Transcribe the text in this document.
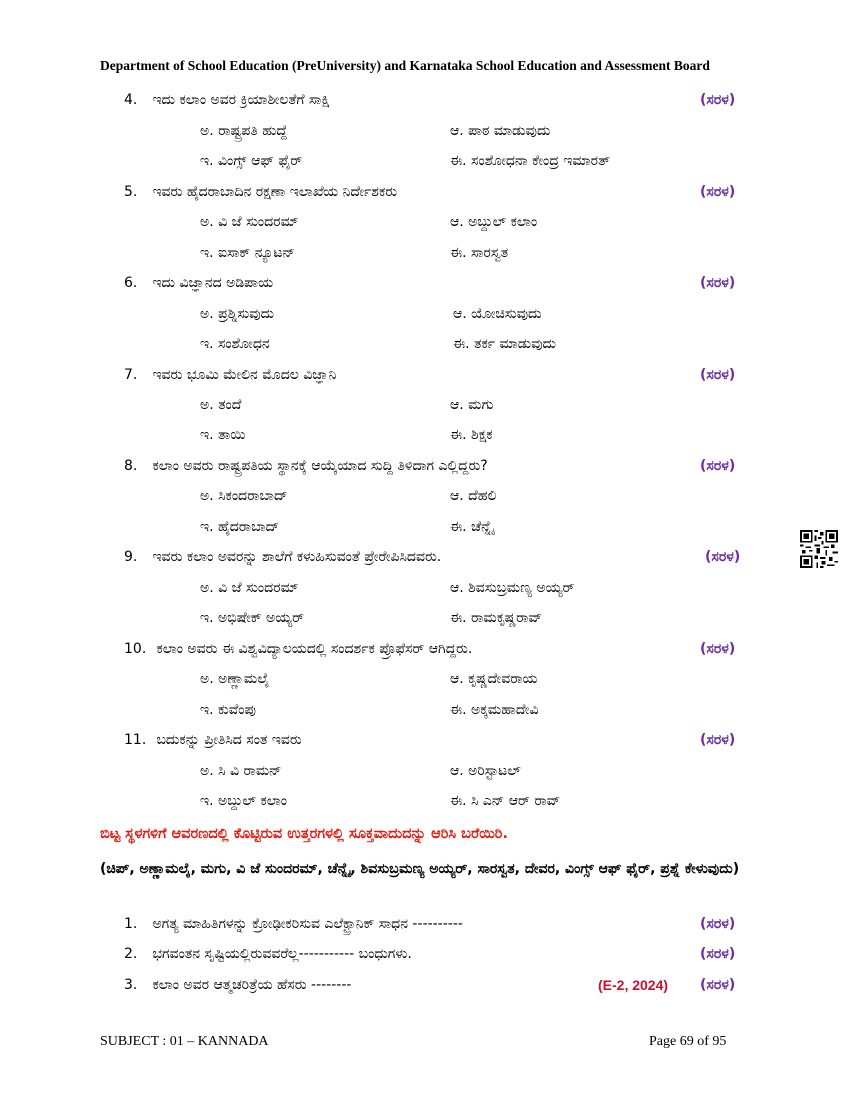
Department of School Education (PreUniversity) and Karnataka School Education and Assessment Board
4. ಇದು ಕಲಾಂ ಅವರ ಕ್ರಿಯಾಶೀಲತೆಗೆ ಸಾಕ್ಷಿ	(ಸರಳ)
ಅ. ರಾಷ್ಟ್ರಪತಿ ಹುದ್ದೆ	ಆ. ಪಾಠ ಮಾಡುವುದು
ಇ. ವಿಂಗ್ಸ್ ಆಫ್ ಫೈರ್	ಈ. ಸಂಶೋಧನಾ ಕೇಂದ್ರ ಇಮಾರತ್
5. ಇವರು ಹೈದರಾಬಾದಿನ ರಕ್ಷಣಾ ಇಲಾಖೆಯ ನಿರ್ದೇಶಕರು	(ಸರಳ)
ಅ. ವಿ ಜೆ ಸುಂದರಮ್	ಆ. ಅಬ್ದುಲ್ ಕಲಾಂ
ಇ. ಐಸಾಕ್ ನ್ಯೂಟನ್	ಈ. ಸಾರಸ್ವತ
6. ಇದು ವಿಜ್ಞಾನದ ಅಡಿಪಾಯ	(ಸರಳ)
ಅ. ಪ್ರಶ್ನಿಸುವುದು	ಆ. ಯೋಚಿಸುವುದು
ಇ. ಸಂಶೋಧನ	ಈ. ತರ್ಕ ಮಾಡುವುದು
7. ಇವರು ಭೂಮಿ ಮೇಲಿನ ಮೊದಲ ವಿಜ್ಞಾನಿ	(ಸರಳ)
ಅ. ತಂದೆ	ಆ. ಮಗು
ಇ. ತಾಯಿ	ಈ. ಶಿಕ್ಷಕ
8. ಕಲಾಂ ಅವರು ರಾಷ್ಟ್ರಪತಿಯ ಸ್ಥಾನಕ್ಕೆ ಆಯ್ಕೆಯಾದ ಸುದ್ದಿ ತಿಳಿದಾಗ ಎಲ್ಲಿದ್ದರು?	(ಸರಳ)
ಅ. ಸಿಕಂದರಾಬಾದ್	ಆ. ದೆಹಲಿ
ಇ. ಹೈದರಾಬಾದ್	ಈ. ಚೆನ್ನೈ
9. ಇವರು ಕಲಾಂ ಅವರನ್ನು ಶಾಲೆಗೆ ಕಳುಹಿಸುವಂತೆ ಪ್ರೇರೇಪಿಸಿದವರು.	(ಸರಳ)
ಅ. ವಿ ಜೆ ಸುಂದರಮ್	ಆ. ಶಿವಸುಬ್ರಮಣ್ಯ ಅಯ್ಯರ್
ಇ. ಅಭಿಷೇಕ್ ಅಯ್ಯರ್	ಈ. ರಾಮಕೃಷ್ಣರಾವ್
10. ಕಲಾಂ ಅವರು ಈ ವಿಶ್ವವಿದ್ಯಾಲಯದಲ್ಲಿ ಸಂದರ್ಶಕ ಪ್ರೊಫೆಸರ್ ಆಗಿದ್ದರು.	(ಸರಳ)
ಅ. ಅಣ್ಣಾಮಲೈ	ಆ. ಕೃಷ್ಣದೇವರಾಯ
ಇ. ಕುವೆಂಪು	ಈ. ಅಕ್ಕಮಹಾದೇವಿ
11. ಬದುಕನ್ನು ಪ್ರೀತಿಸಿದ ಸಂತ ಇವರು	(ಸರಳ)
ಅ. ಸಿ ವಿ ರಾಮನ್	ಆ. ಅರಿಸ್ಟಾಟಲ್
ಇ. ಅಬ್ದುಲ್ ಕಲಾಂ	ಈ. ಸಿ ಎನ್ ಆರ್ ರಾವ್
ಬಿಟ್ಟ ಸ್ಥಳಗಳಿಗೆ ಆವರಣದಲ್ಲಿ ಕೊಟ್ಟಿರುವ ಉತ್ತರಗಳಲ್ಲಿ ಸೂಕ್ತವಾದುದನ್ನು ಆರಿಸಿ ಬರೆಯಿರಿ.
(ಚಿಪ್, ಅಣ್ಣಾಮಲೈ, ಮಗು, ವಿ ಜೆ ಸುಂದರಮ್, ಚೆನ್ನೈ, ಶಿವಸುಬ್ರಮಣ್ಯ ಅಯ್ಯರ್, ಸಾರಸ್ವತ, ದೇವರ, ವಿಂಗ್ಸ್ ಆಫ್ ಫೈರ್, ಪ್ರಶ್ನೆ ಕೇಳುವುದು)
1. ಅಗತ್ಯ ಮಾಹಿತಿಗಳನ್ನು ಕ್ರೋಢೀಕರಿಸುವ ಎಲೆಕ್ಟ್ರಾನಿಕ್ ಸಾಧನ ----------	(ಸರಳ)
2. ಭಗವಂತನ ಸೃಷ್ಟಿಯಲ್ಲಿರುವವರೆಲ್ಲ----------- ಬಂಧುಗಳು.	(ಸರಳ)
3. ಕಲಾಂ ಅವರ ಆತ್ಮಚರಿತ್ರೆಯ ಹೆಸರು --------	(E-2, 2024) (ಸರಳ)
SUBJECT : 01 – KANNADA	Page 69 of 95
